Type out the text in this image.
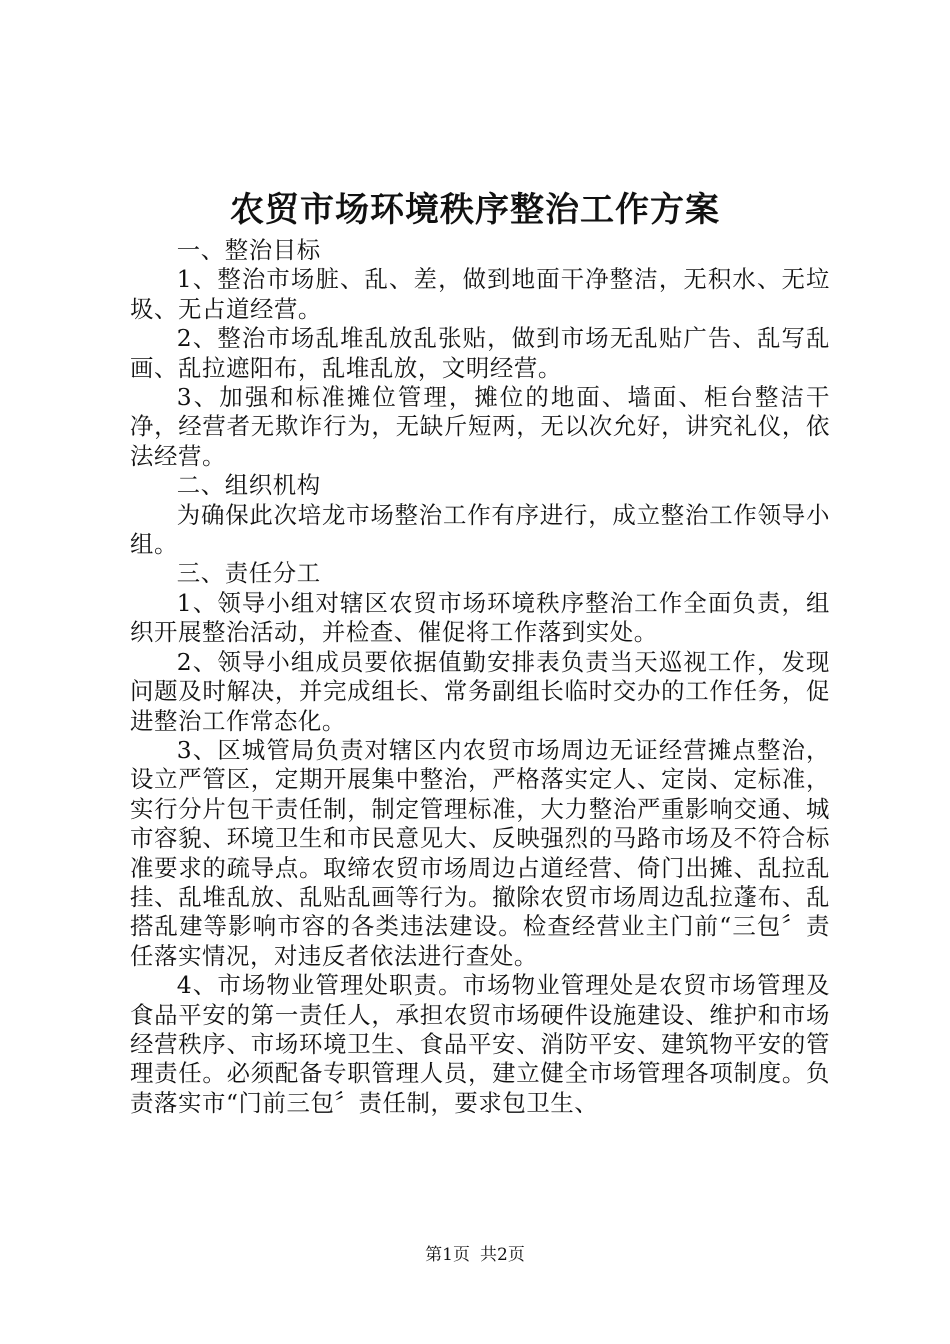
农贸市场环境秩序整治工作方案

一、整治目标

1、整治市场脏、乱、差，做到地面干净整洁，无积水、无垃圾、无占道经营。

2、整治市场乱堆乱放乱张贴，做到市场无乱贴广告、乱写乱画、乱拉遮阳布，乱堆乱放，文明经营。

3、加强和标准摊位管理，摊位的地面、墙面、柜台整洁干净，经营者无欺诈行为，无缺斤短两，无以次允好，讲究礼仪，依法经营。

二、组织机构

为确保此次培龙市场整治工作有序进行，成立整治工作领导小组。

三、责任分工

1、领导小组对辖区农贸市场环境秩序整治工作全面负责，组织开展整治活动，并检查、催促将工作落到实处。

2、领导小组成员要依据值勤安排表负责当天巡视工作，发现问题及时解决，并完成组长、常务副组长临时交办的工作任务，促进整治工作常态化。

3、区城管局负责对辖区内农贸市场周边无证经营摊点整治，设立严管区，定期开展集中整治，严格落实定人、定岗、定标准，实行分片包干责任制，制定管理标准，大力整治严重影响交通、城市容貌、环境卫生和市民意见大、反映强烈的马路市场及不符合标准要求的疏导点。取缔农贸市场周边占道经营、倚门出摊、乱拉乱挂、乱堆乱放、乱贴乱画等行为。撤除农贸市场周边乱拉蓬布、乱搭乱建等影响市容的各类违法建设。检查经营业主门前“三包〞责任落实情况，对违反者依法进行查处。

4、市场物业管理处职责。市场物业管理处是农贸市场管理及食品平安的第一责任人，承担农贸市场硬件设施建设、维护和市场经营秩序、市场环境卫生、食品平安、消防平安、建筑物平安的管理责任。必须配备专职管理人员，建立健全市场管理各项制度。负责落实市“门前三包〞责任制，要求包卫生、

第1页 共2页
